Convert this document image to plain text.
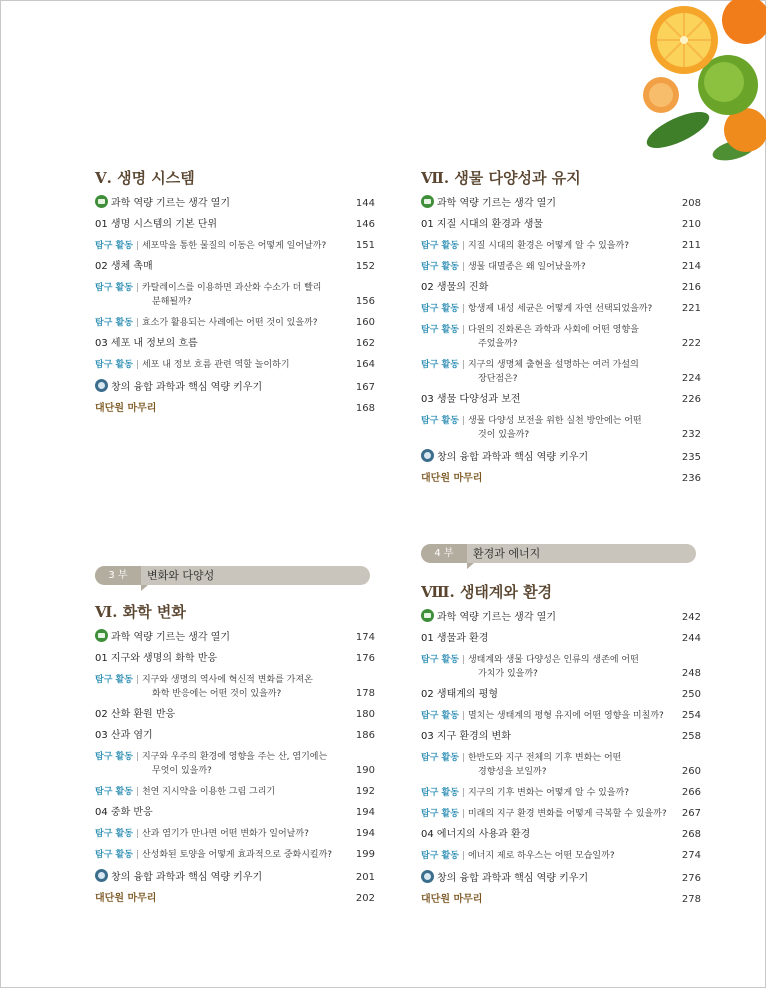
Ⅴ. 생명 시스템
과학 역량 기르는 생각 열기	144
01 생명 시스템의 기본 단위	146
탐구 활동 | 세포막을 통한 물질의 이동은 어떻게 일어날까?	151
02 생체 촉매	152
탐구 활동 | 카탈레이스를 이용하면 과산화 수소가 더 빨리
분해될까?	156
탐구 활동 | 효소가 활용되는 사례에는 어떤 것이 있을까?	160
03 세포 내 정보의 흐름	162
탐구 활동 | 세포 내 정보 흐름 관련 역할 놀이하기	164
창의 융합 과학과 핵심 역량 키우기	167
대단원 마무리	168
Ⅶ. 생물 다양성과 유지
과학 역량 기르는 생각 열기	208
01 지질 시대의 환경과 생물	210
탐구 활동 | 지질 시대의 환경은 어떻게 알 수 있을까?	211
탐구 활동 | 생물 대멸종은 왜 일어났을까?	214
02 생물의 진화	216
탐구 활동 | 항생제 내성 세균은 어떻게 자연 선택되었을까?	221
탐구 활동 | 다윈의 진화론은 과학과 사회에 어떤 영향을
주었을까?	222
탐구 활동 | 지구의 생명체 출현을 설명하는 여러 가설의
장단점은?	224
03 생물 다양성과 보전	226
탐구 활동 | 생물 다양성 보전을 위한 실천 방안에는 어떤
것이 있을까?	232
창의 융합 과학과 핵심 역량 키우기	235
대단원 마무리	236
3 부	변화와 다양성
4 부	환경과 에너지
Ⅵ. 화학 변화
과학 역량 기르는 생각 열기	174
01 지구와 생명의 화학 반응	176
탐구 활동 | 지구와 생명의 역사에 혁신적 변화를 가져온
화학 반응에는 어떤 것이 있을까?	178
02 산화 환원 반응	180
03 산과 염기	186
탐구 활동 | 지구와 우주의 환경에 영향을 주는 산, 염기에는
무엇이 있을까?	190
탐구 활동 | 천연 지시약을 이용한 그림 그리기	192
04 중화 반응	194
탐구 활동 | 산과 염기가 만나면 어떤 변화가 일어날까?	194
탐구 활동 | 산성화된 토양을 어떻게 효과적으로 중화시킬까?	199
창의 융합 과학과 핵심 역량 키우기	201
대단원 마무리	202
Ⅷ. 생태계와 환경
과학 역량 기르는 생각 열기	242
01 생물과 환경	244
탐구 활동 | 생태계와 생물 다양성은 인류의 생존에 어떤
가치가 있을까?	248
02 생태계의 평형	250
탐구 활동 | 멸치는 생태계의 평형 유지에 어떤 영향을 미칠까?	254
03 지구 환경의 변화	258
탐구 활동 | 한반도와 지구 전체의 기후 변화는 어떤
경향성을 보일까?	260
탐구 활동 | 지구의 기후 변화는 어떻게 알 수 있을까?	266
탐구 활동 | 미래의 지구 환경 변화를 어떻게 극복할 수 있을까?	267
04 에너지의 사용과 환경	268
탐구 활동 | 에너지 제로 하우스는 어떤 모습일까?	274
창의 융합 과학과 핵심 역량 키우기	276
대단원 마무리	278
